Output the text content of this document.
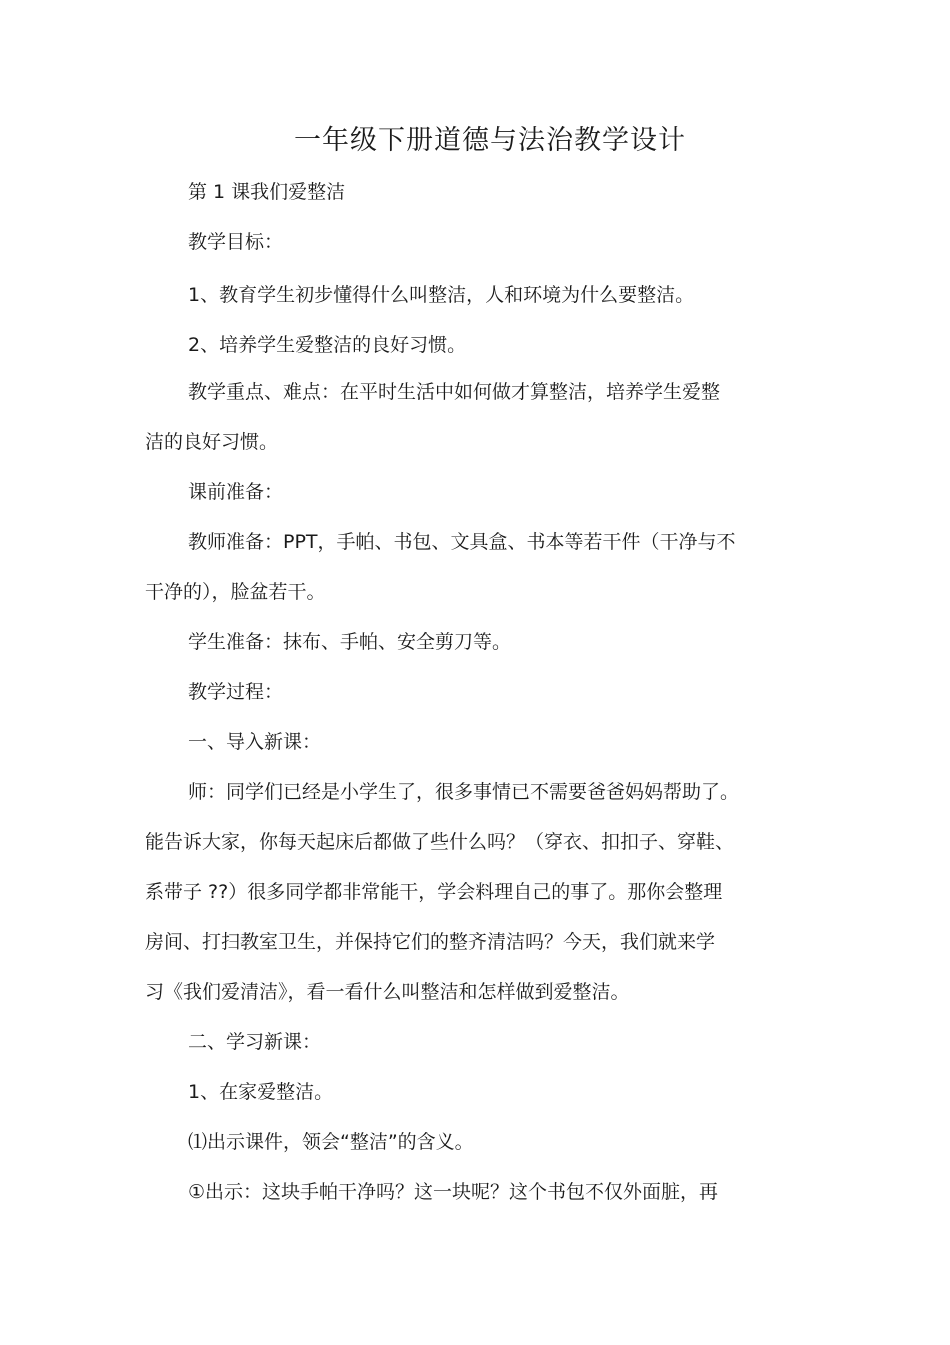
一年级下册道德与法治教学设计

第 1 课我们爱整洁

教学目标：

1、教育学生初步懂得什么叫整洁，人和环境为什么要整洁。

2、培养学生爱整洁的良好习惯。

教学重点、难点：在平时生活中如何做才算整洁，培养学生爱整

洁的良好习惯。

课前准备：

教师准备：PPT，手帕、书包、文具盒、书本等若干件（干净与不

干净的），脸盆若干。

学生准备：抹布、手帕、安全剪刀等。

教学过程：

一、导入新课：

师：同学们已经是小学生了，很多事情已不需要爸爸妈妈帮助了。

能告诉大家，你每天起床后都做了些什么吗？（穿衣、扣扣子、穿鞋、

系带子 ??）很多同学都非常能干，学会料理自己的事了。那你会整理

房间、打扫教室卫生，并保持它们的整齐清洁吗？今天，我们就来学

习《我们爱清洁》，看一看什么叫整洁和怎样做到爱整洁。

二、学习新课：

1、在家爱整洁。

⑴出示课件，领会“整洁”的含义。

①出示：这块手帕干净吗？这一块呢？这个书包不仅外面脏，再
